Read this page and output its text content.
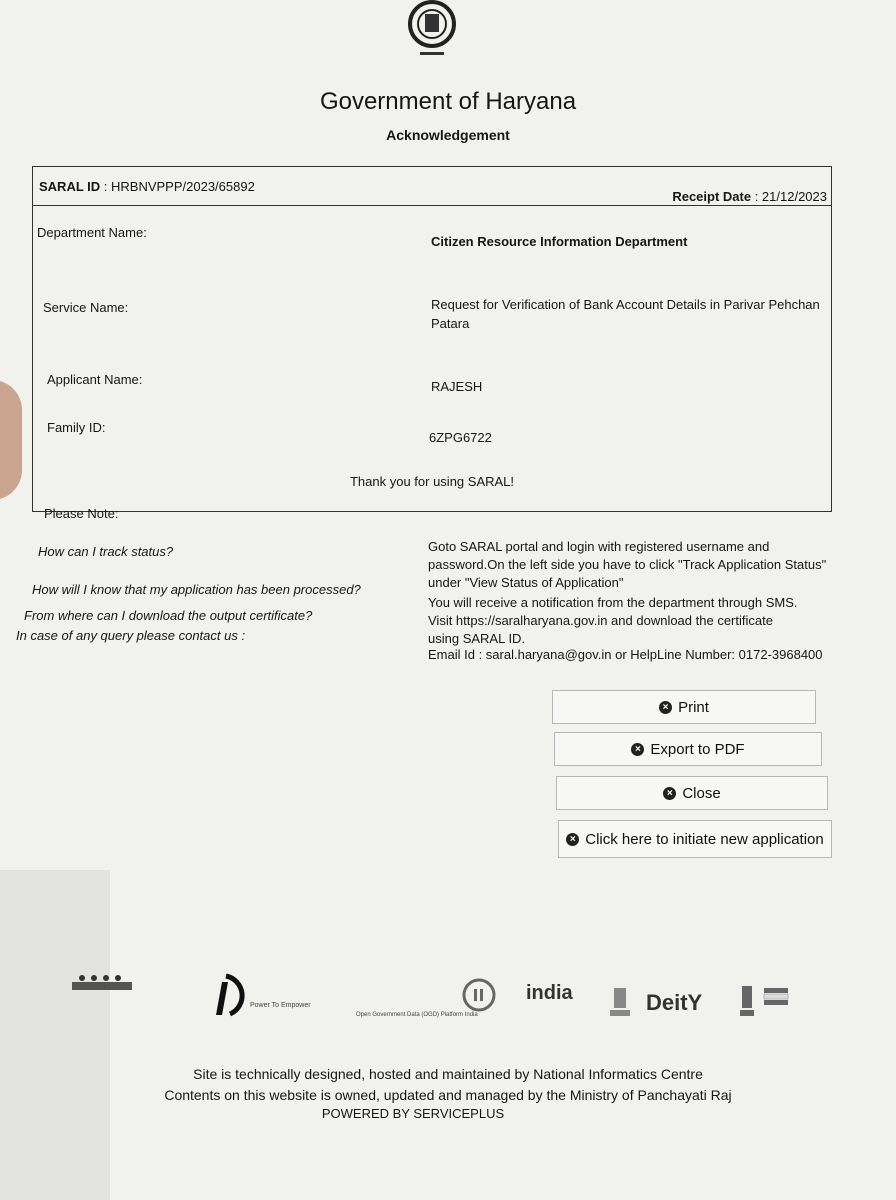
Government of Haryana
Acknowledgement
SARAL ID : HRBNVPPP/2023/65892
Receipt Date : 21/12/2023
Department Name:
Citizen Resource Information Department
Service Name:	Request for Verification of Bank Account Details in Parivar Pehchan Patara
Applicant Name:	RAJESH
Family ID:
6ZPG6722
Thank you for using SARAL!
Please Note:
How can I track status?	Goto SARAL portal and login with registered username and password.On the left side you have to click "Track Application Status" under "View Status of Application"
How will I know that my application has been processed?
You will receive a notification from the department through SMS.
From where can I download the output certificate?	Visit https://saralharyana.gov.in and download the certificate using SARAL ID.
In case of any query please contact us :
Email Id : saral.haryana@gov.in or HelpLine Number: 0172-3968400
× Print
× Export to PDF
× Close
× Click here to initiate new application
Power To Empower
Open Government Data (OGD) Platform India
india	DeitY
Site is technically designed, hosted and maintained by National Informatics Centre
Contents on this website is owned, updated and managed by the Ministry of Panchayati Raj
POWERED BY SERVICEPLUS
